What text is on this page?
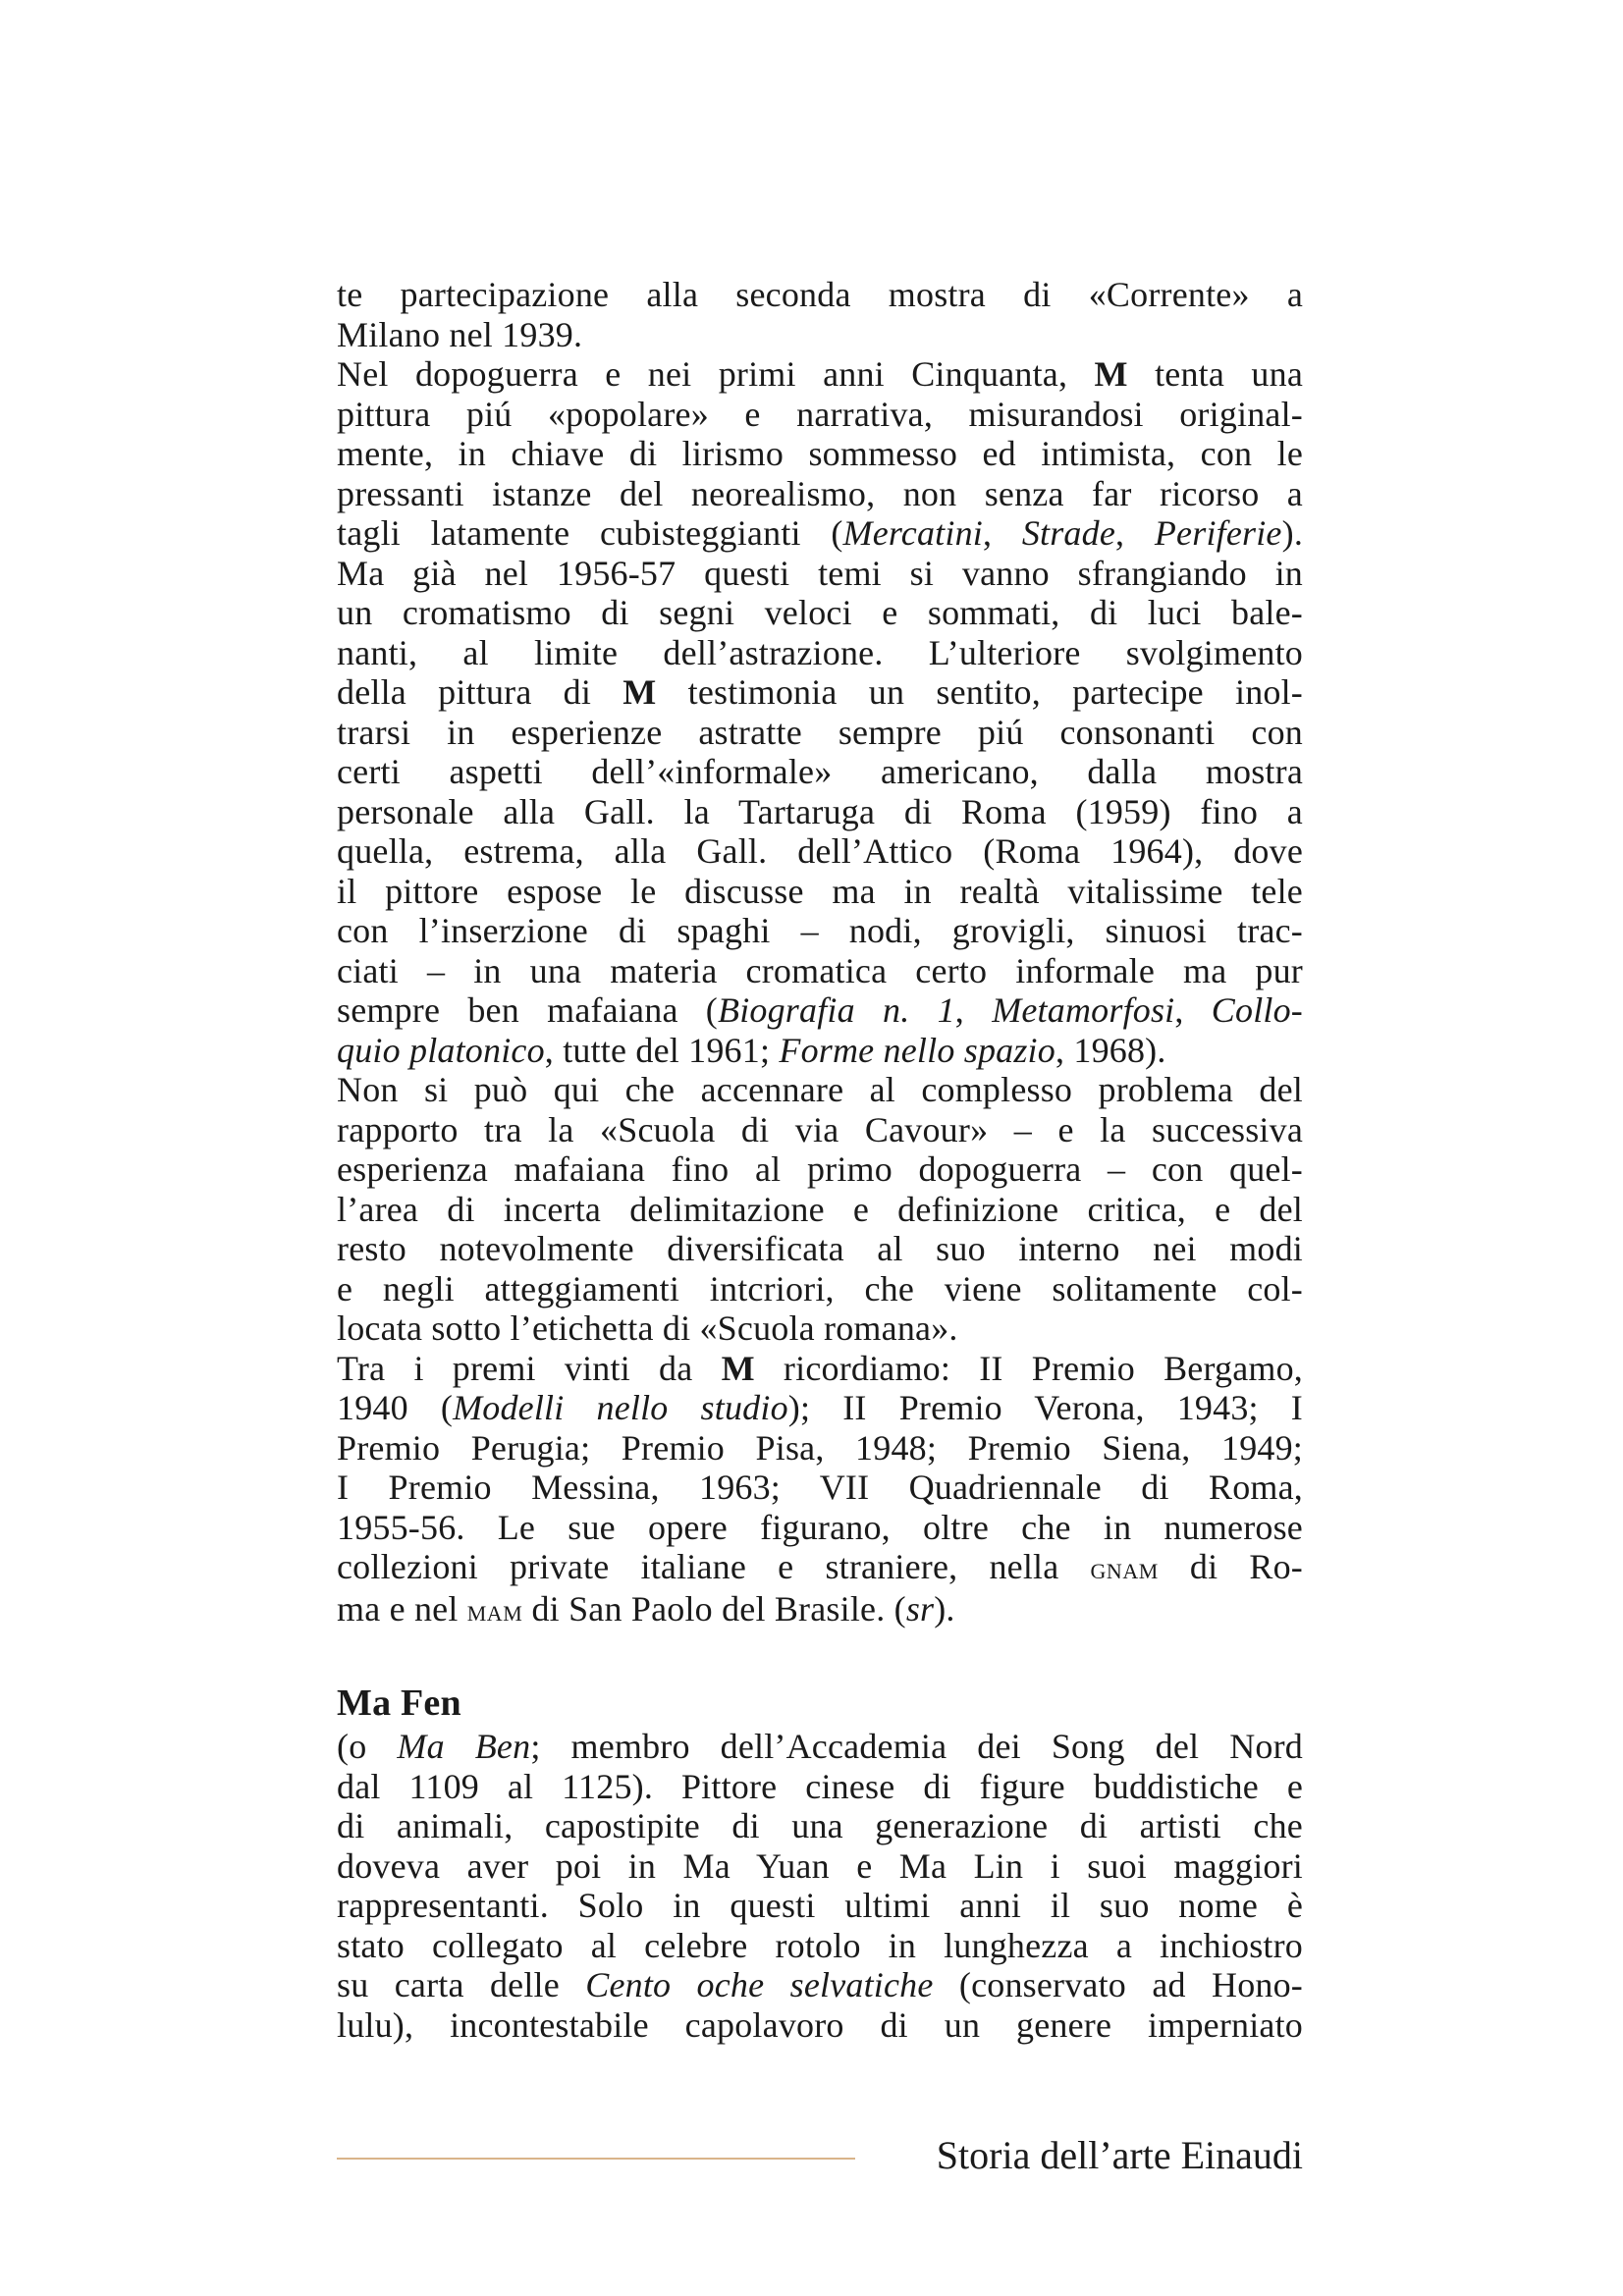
te partecipazione alla seconda mostra di «Corrente» a
Milano nel 1939.
Nel dopoguerra e nei primi anni Cinquanta, M tenta una
pittura piú «popolare» e narrativa, misurandosi original-
mente, in chiave di lirismo sommesso ed intimista, con le
pressanti istanze del neorealismo, non senza far ricorso a
tagli latamente cubisteggianti (Mercatini, Strade, Periferie).
Ma già nel 1956-57 questi temi si vanno sfrangiando in
un cromatismo di segni veloci e sommati, di luci bale-
nanti, al limite dell’astrazione. L’ulteriore svolgimento
della pittura di M testimonia un sentito, partecipe inol-
trarsi in esperienze astratte sempre piú consonanti con
certi aspetti dell’«informale» americano, dalla mostra
personale alla Gall. la Tartaruga di Roma (1959) fino a
quella, estrema, alla Gall. dell’Attico (Roma 1964), dove
il pittore espose le discusse ma in realtà vitalissime tele
con l’inserzione di spaghi – nodi, grovigli, sinuosi trac-
ciati – in una materia cromatica certo informale ma pur
sempre ben mafaiana (Biografia n. 1, Metamorfosi, Collo-
quio platonico, tutte del 1961; Forme nello spazio, 1968).
Non si può qui che accennare al complesso problema del
rapporto tra la «Scuola di via Cavour» – e la successiva
esperienza mafaiana fino al primo dopoguerra – con quel-
l’area di incerta delimitazione e definizione critica, e del
resto notevolmente diversificata al suo interno nei modi
e negli atteggiamenti intcriori, che viene solitamente col-
locata sotto l’etichetta di «Scuola romana».
Tra i premi vinti da M ricordiamo: II Premio Bergamo,
1940 (Modelli nello studio); II Premio Verona, 1943; I
Premio Perugia; Premio Pisa, 1948; Premio Siena, 1949;
I Premio Messina, 1963; VII Quadriennale di Roma,
1955-56. Le sue opere figurano, oltre che in numerose
collezioni private italiane e straniere, nella gnam di Ro-
ma e nel mam di San Paolo del Brasile. (sr).
Ma Fen
(o Ma Ben; membro dell’Accademia dei Song del Nord
dal 1109 al 1125). Pittore cinese di figure buddistiche e
di animali, capostipite di una generazione di artisti che
doveva aver poi in Ma Yuan e Ma Lin i suoi maggiori
rappresentanti. Solo in questi ultimi anni il suo nome è
stato collegato al celebre rotolo in lunghezza a inchiostro
su carta delle Cento oche selvatiche (conservato ad Hono-
lulu), incontestabile capolavoro di un genere imperniato
Storia dell’arte Einaudi
